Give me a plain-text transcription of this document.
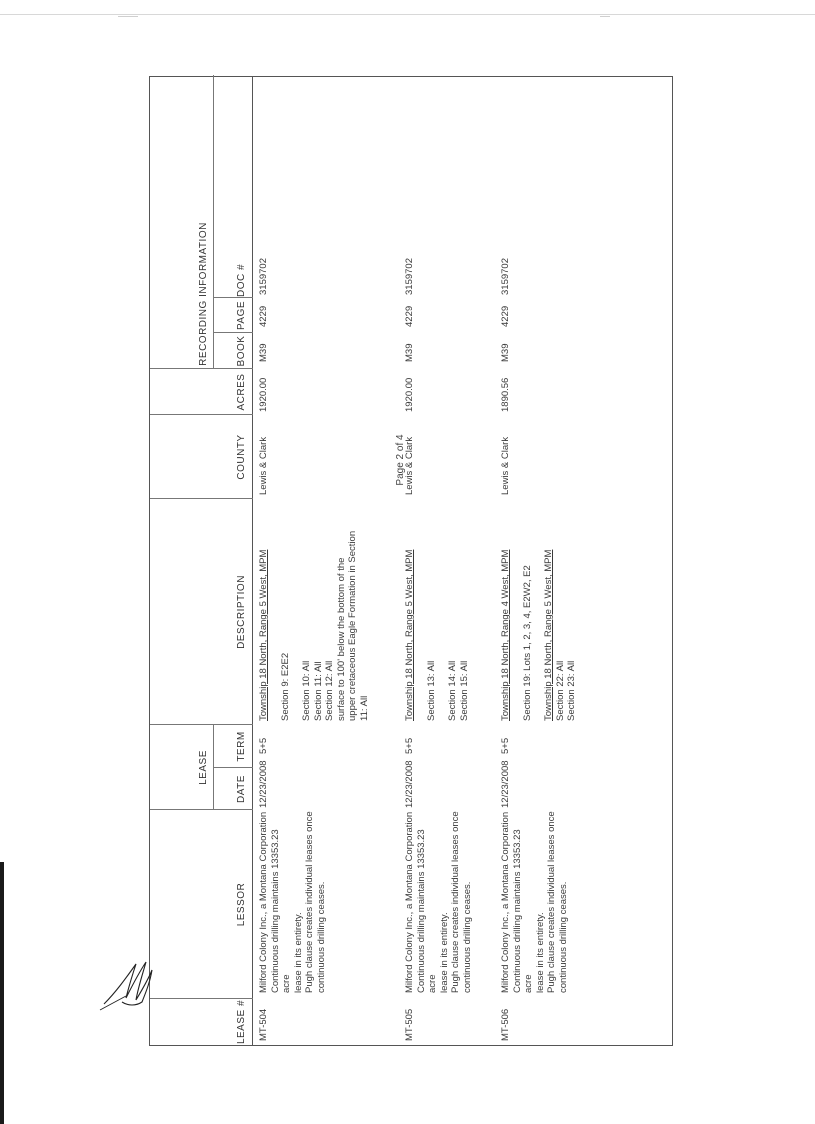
LEASE #
LESSOR
LEASE
DATE
TERM
DESCRIPTION
COUNTY
ACRES
RECORDING INFORMATION	BOOK
PAGE
DOC #
MT-504

Milford Colony Inc., a Montana Corporation Continuous drilling maintains 13353.23 acre lease in its entirety. Pugh clause creates individual leases once continuous drilling ceases.

12/23/2008
5+5

Township 18 North, Range 5 West, MPM Section 9: E2E2 Section 10: All Section 11: All Section 12: All surface to 100' below the bottom of the upper cretaceous Eagle Formation in Section 11: All

Lewis & Clark
1920.00
M39
4229
3159702
MT-505

Milford Colony Inc., a Montana Corporation Continuous drilling maintains 13353.23 acre lease in its entirety. Pugh clause creates individual leases once continuous drilling ceases.

12/23/2008
5+5

Township 18 North, Range 5 West, MPM Section 13: All Section 14: All Section 15: All

Lewis & Clark
1920.00
M39
4229
3159702
MT-506

Milford Colony Inc., a Montana Corporation Continuous drilling maintains 13353.23 acre lease in its entirety. Pugh clause creates individual leases once continuous drilling ceases.

12/23/2008
5+5

Township 18 North, Range 4 West, MPM Section 19: Lots 1, 2, 3, 4, E2W2, E2 Township 18 North, Range 5 West, MPM Section 22: All Section 23: All

Lewis & Clark
1890.56
M39
4229
3159702
Page 2 of 4
